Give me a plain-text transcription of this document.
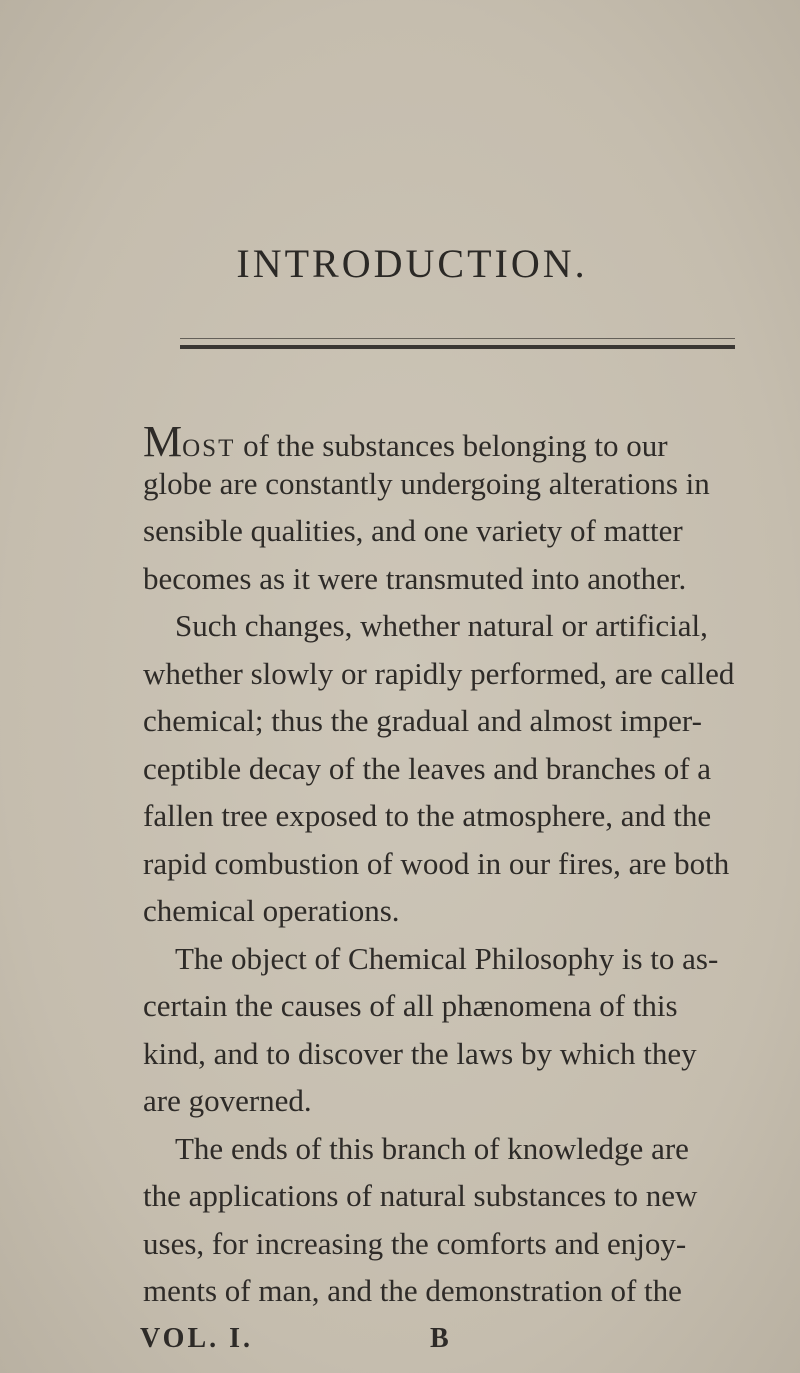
INTRODUCTION.
MOST of the substances belonging to our
globe are constantly undergoing alterations in
sensible qualities, and one variety of matter
becomes as it were transmuted into another.
Such changes, whether natural or artificial,
whether slowly or rapidly performed, are called
chemical; thus the gradual and almost imper-
ceptible decay of the leaves and branches of a
fallen tree exposed to the atmosphere, and the
rapid combustion of wood in our fires, are both
chemical operations.
The object of Chemical Philosophy is to as-
certain the causes of all phænomena of this
kind, and to discover the laws by which they
are governed.
The ends of this branch of knowledge are
the applications of natural substances to new
uses, for increasing the comforts and enjoy-
ments of man, and the demonstration of the
VOL. I.	B
